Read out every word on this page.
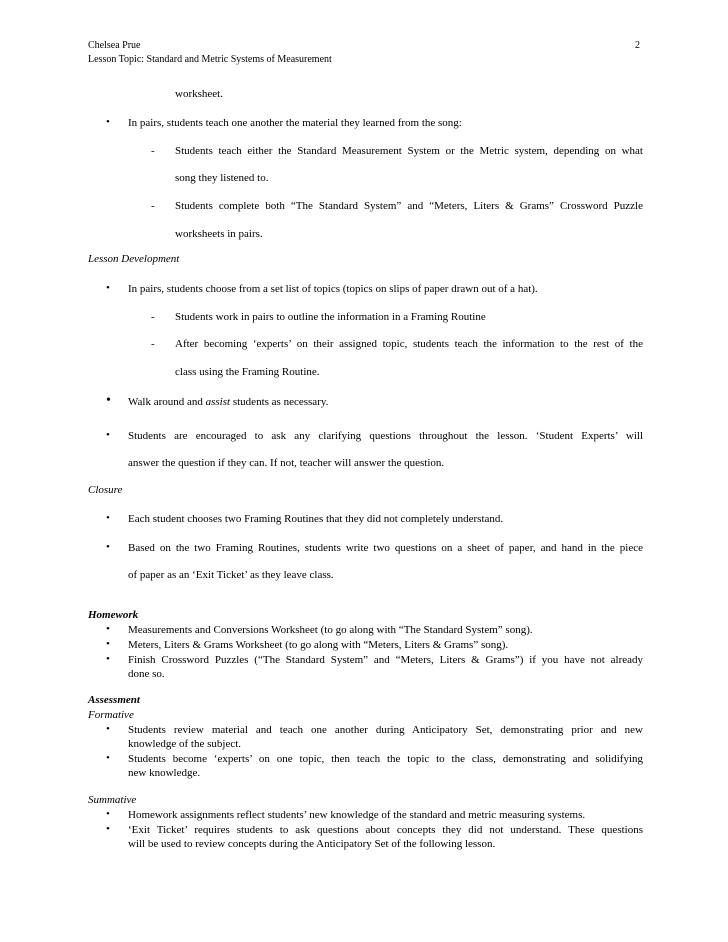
Chelsea Prue	2
Lesson Topic: Standard and Metric Systems of Measurement
worksheet.
• In pairs, students teach one another the material they learned from the song:
- Students teach either the Standard Measurement System or the Metric system, depending on what
song they listened to.
- Students complete both “The Standard System” and “Meters, Liters & Grams” Crossword Puzzle
worksheets in pairs.
Lesson Development
• In pairs, students choose from a set list of topics (topics on slips of paper drawn out of a hat).
- Students work in pairs to outline the information in a Framing Routine
- After becoming ‘experts’ on their assigned topic, students teach the information to the rest of the
class using the Framing Routine.
• Walk around and assist students as necessary.
• Students are encouraged to ask any clarifying questions throughout the lesson. ‘Student Experts’ will
answer the question if they can. If not, teacher will answer the question.
Closure
• Each student chooses two Framing Routines that they did not completely understand.
• Based on the two Framing Routines, students write two questions on a sheet of paper, and hand in the piece
of paper as an ‘Exit Ticket’ as they leave class.
Homework
• Measurements and Conversions Worksheet (to go along with “The Standard System” song).
• Meters, Liters & Grams Worksheet (to go along with “Meters, Liters & Grams” song).
• Finish Crossword Puzzles (“The Standard System” and “Meters, Liters & Grams”) if you have not already
done so.
Assessment
Formative
• Students review material and teach one another during Anticipatory Set, demonstrating prior and new
knowledge of the subject.
• Students become ‘experts’ on one topic, then teach the topic to the class, demonstrating and solidifying
new knowledge.
Summative
• Homework assignments reflect students’ new knowledge of the standard and metric measuring systems.
• ‘Exit Ticket’ requires students to ask questions about concepts they did not understand. These questions
will be used to review concepts during the Anticipatory Set of the following lesson.
